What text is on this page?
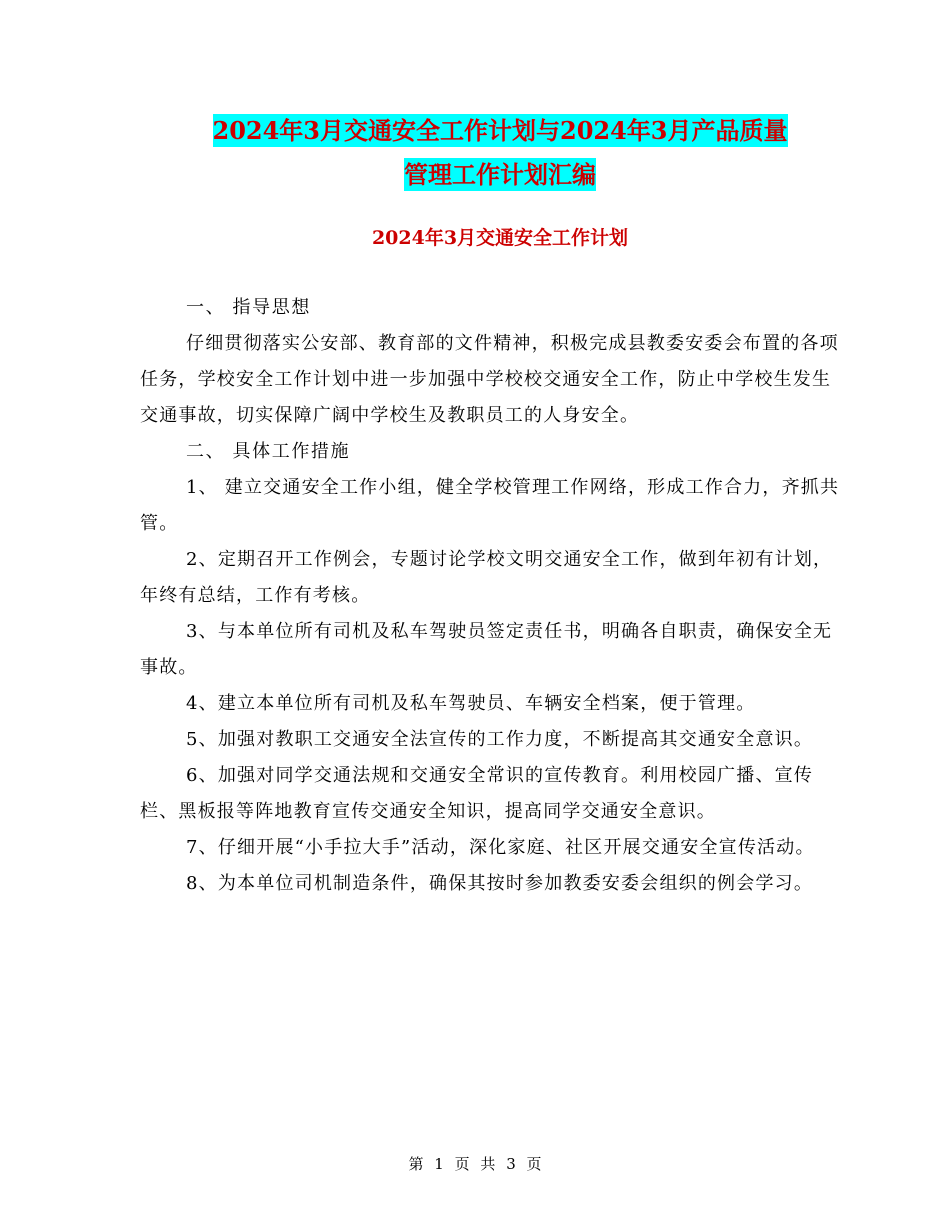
2024年3月交通安全工作计划与2024年3月产品质量
管理工作计划汇编
2024年3月交通安全工作计划

一、 指导思想

仔细贯彻落实公安部、教育部的文件精神，积极完成县教委安委会布置的各项任务，学校安全工作计划中进一步加强中学校校交通安全工作，防止中学校生发生交通事故，切实保障广阔中学校生及教职员工的人身安全。

二、 具体工作措施

1、 建立交通安全工作小组，健全学校管理工作网络，形成工作合力，齐抓共管。

2、定期召开工作例会，专题讨论学校文明交通安全工作，做到年初有计划，年终有总结，工作有考核。

3、与本单位所有司机及私车驾驶员签定责任书，明确各自职责，确保安全无事故。

4、建立本单位所有司机及私车驾驶员、车辆安全档案，便于管理。

5、加强对教职工交通安全法宣传的工作力度，不断提高其交通安全意识。

6、加强对同学交通法规和交通安全常识的宣传教育。利用校园广播、宣传栏、黑板报等阵地教育宣传交通安全知识，提高同学交通安全意识。

7、仔细开展“小手拉大手”活动，深化家庭、社区开展交通安全宣传活动。

8、为本单位司机制造条件，确保其按时参加教委安委会组织的例会学习。

第 1 页 共 3 页
